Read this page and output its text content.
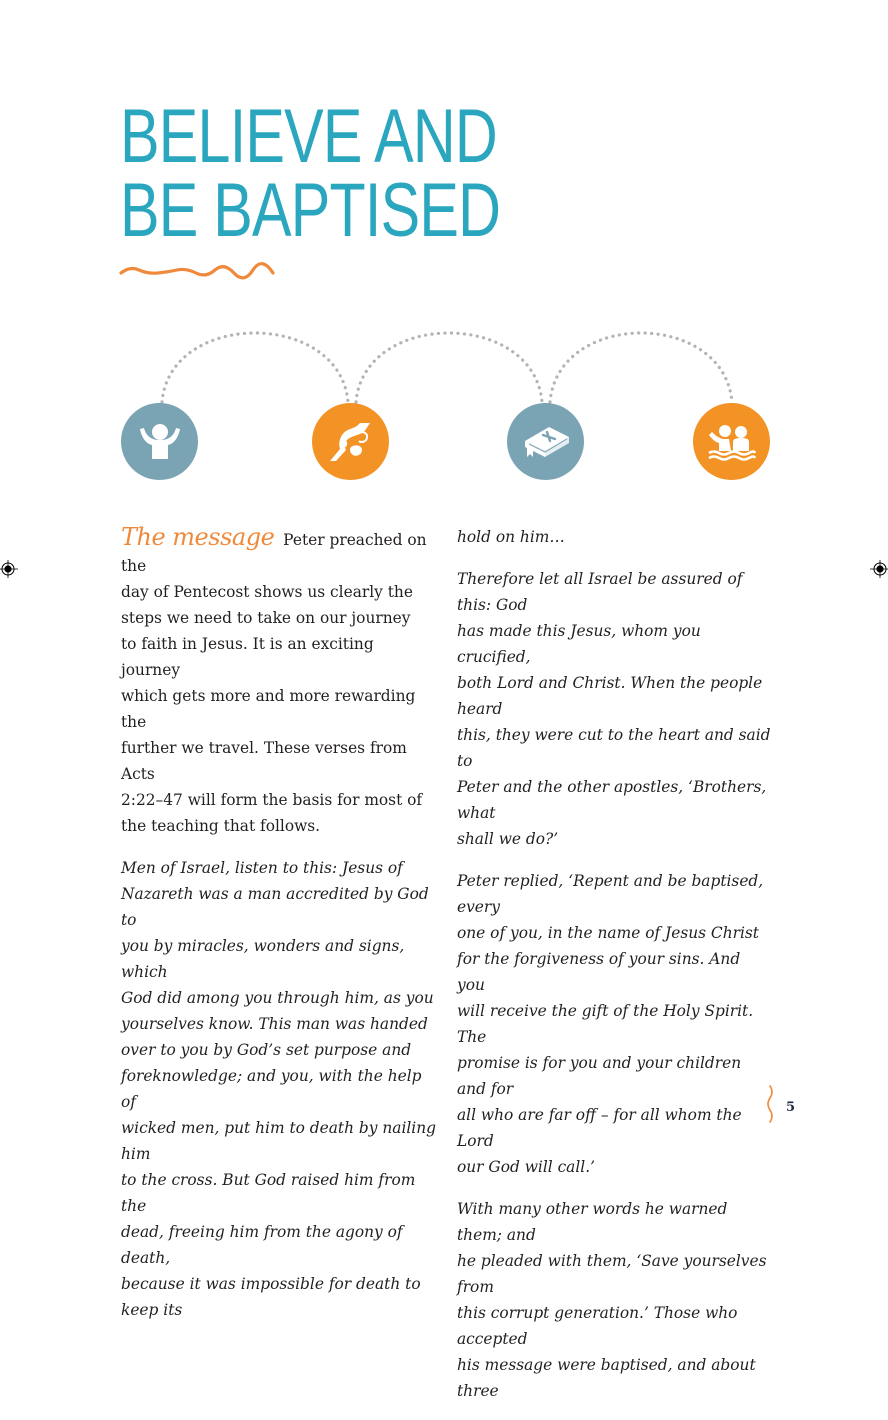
BELIEVE AND
BE BAPTISED

The message Peter preached on the
day of Pentecost shows us clearly the
steps we need to take on our journey
to faith in Jesus. It is an exciting journey
which gets more and more rewarding the
further we travel. These verses from Acts
2:22–47 will form the basis for most of
the teaching that follows.

Men of Israel, listen to this: Jesus of
Nazareth was a man accredited by God to
you by miracles, wonders and signs, which
God did among you through him, as you
yourselves know. This man was handed
over to you by God’s set purpose and
foreknowledge; and you, with the help of
wicked men, put him to death by nailing him
to the cross. But God raised him from the
dead, freeing him from the agony of death,
because it was impossible for death to keep its

hold on him…

Therefore let all Israel be assured of this: God
has made this Jesus, whom you crucified,
both Lord and Christ. When the people heard
this, they were cut to the heart and said to
Peter and the other apostles, ‘Brothers, what
shall we do?’

Peter replied, ‘Repent and be baptised, every
one of you, in the name of Jesus Christ
for the forgiveness of your sins. And you
will receive the gift of the Holy Spirit. The
promise is for you and your children and for
all who are far off – for all whom the Lord
our God will call.’

With many other words he warned them; and
he pleaded with them, ‘Save yourselves from
this corrupt generation.’ Those who accepted
his message were baptised, and about three

5
